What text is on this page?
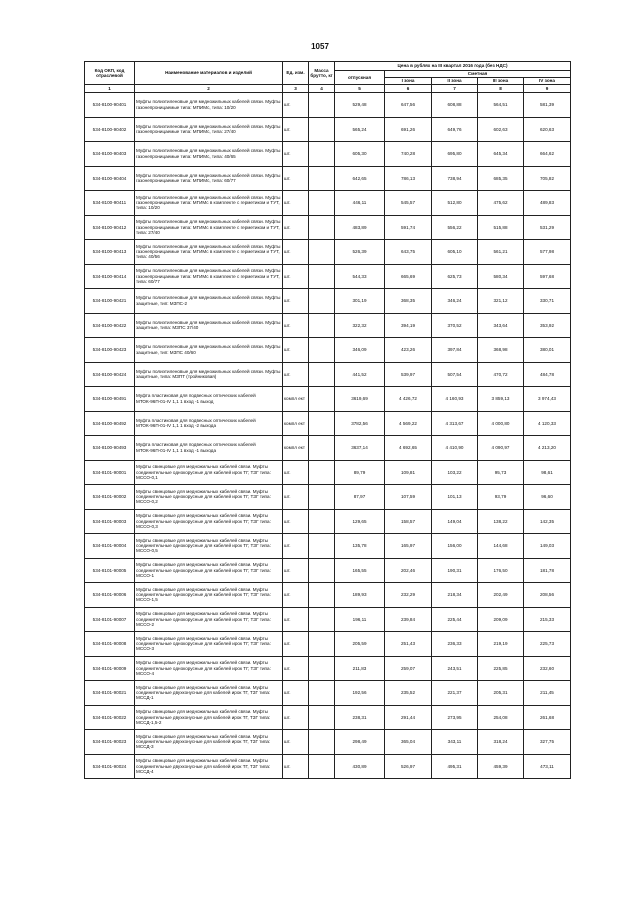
1057
Код ОКП, код отраслевой	Наименование материалов и изделий	Ед. изм.	Масса брутто, кг	Цена в рублях на III квартал 2016 года (без НДС)				
				отпускная	Сметная			
					I зона	II зона	III зона	IV зона
1	2	3	4	5	6	7	8	9
534-8100-90401	Муфты полиэтиленовые для медножильных кабелей связи. Муфты газонепроницаемые типа: МПИМс, типа: 10/20	шт.		529,48	647,56	608,88	564,51	581,39
534-8100-90402	Муфты полиэтиленовые для медножильных кабелей связи. Муфты газонепроницаемые типа: МПИМс, типа: 27/40	шт.		565,24	691,26	649,76	602,63	620,63
534-8100-90403	Муфты полиэтиленовые для медножильных кабелей связи. Муфты газонепроницаемые типа: МПИМс, типа: 40/65	шт.		605,30	740,28	695,80	645,34	664,62
534-8100-90404	Муфты полиэтиленовые для медножильных кабелей связи. Муфты газонепроницаемые типа: МПИМс, типа: 60/77	шт.		642,65	786,13	738,94	685,35	705,82
534-8100-90411	Муфты полиэтиленовые для медножильных кабелей связи. Муфты газонепроницаемые типа: МГИМс в комплекте с герметиком и ТУТ, типа: 10/20	шт.		446,11	545,57	512,80	475,62	489,83
534-8100-90412	Муфты полиэтиленовые для медножильных кабелей связи. Муфты газонепроницаемые типа: МГИМс в комплекте с герметиком и ТУТ, типа: 27/40	шт.		483,89	591,74	556,22	515,88	531,29
534-8100-90413	Муфты полиэтиленовые для медножильных кабелей связи. Муфты газонепроницаемые типа: МГИМс в комплекте с герметиком и ТУТ, типа: 40/56	шт.		526,39	643,75	605,10	561,21	577,98
534-8100-90414	Муфты полиэтиленовые для медножильных кабелей связи. Муфты газонепроницаемые типа: МГИМс в комплекте с герметиком и ТУТ, типа: 60/77	шт.		544,33	665,69	625,73	580,34	597,68
534-8100-90421	Муфты полиэтиленовые для медножильных кабелей связи. Муфты защитные, тип: МЗПС-2	шт.		301,19	368,35	346,24	321,12	330,71
534-8100-90422	Муфты полиэтиленовые для медножильных кабелей связи. Муфты защитные, типа: МЗПС 37/40	шт.		322,32	394,19	370,52	343,64	353,92
534-8100-90423	Муфты полиэтиленовые для медножильных кабелей связи. Муфты защитные, тип: МЗПС 40/60	шт.		346,09	423,26	397,84	368,98	380,01
534-8100-90424	Муфты полиэтиленовые для медножильных кабелей связи. Муфты защитные, типа: МЗПТ (тройниковая)	шт.		441,52	539,97	507,54	470,72	484,78
534-8100-90491	Муфта пластиковая для подвесных оптических кабелей МТОК-96П-01-IV 1,1 1 вход -1 выход	компл ект		3619,69	4 426,72	4 160,93	3 859,13	3 974,43
534-8100-90492	Муфта пластиковая для подвесных оптических кабелей МТОК-96П-01-IV 1,1 1 вход -2 выхода	компл ект		3782,56	4 569,22	4 313,67	4 000,80	4 120,33
534-8100-90493	Муфта пластиковая для подвесных оптических кабелей МТОК-96П-01-IV 1,1 1 вход -1 выхода	компл ект		3637,14	4 692,65	4 410,90	4 090,97	4 213,20
534-8101-90001	Муфты свинцовые для медножильных кабелей связи. Муфты соединительные однокорусные для кабелей ирок ТГ, ТЗГ типа: МССО-0,1	шт.		89,79	109,81	103,22	95,73	98,61
534-8101-90002	Муфты свинцовые для медножильных кабелей связи. Муфты соединительные однокорусные для кабелей ирок ТГ, ТЗГ типа: МССО-0,2	шт.		87,97	107,59	101,13	93,79	96,60
534-8101-90003	Муфты свинцовые для медножильных кабелей связи. Муфты соединительные однокорусные для кабелей ирок ТГ, ТЗГ типа: МССО-0,3	шт.		129,65	158,57	149,04	138,22	142,35
534-8101-90004	Муфты свинцовые для медножильных кабелей связи. Муфты соединительные однокорусные для кабелей ирок ТГ, ТЗГ типа: МССО-0,5	шт.		135,78	165,97	156,00	144,68	149,03
534-8101-90005	Муфты свинцовые для медножильных кабелей связи. Муфты соединительные однокорусные для кабелей ирок ТГ, ТЗГ типа: МССО-1	шт.		165,55	202,46	190,31	176,50	181,78
534-8101-90006	Муфты свинцовые для медножильных кабелей связи. Муфты соединительные однокорусные для кабелей ирок ТГ, ТЗГ типа: МССО-1,5	шт.		189,93	232,29	218,34	202,49	208,56
534-8101-90007	Муфты свинцовые для медножильных кабелей связи. Муфты соединительные однокорусные для кабелей ирок ТГ, ТЗГ типа: МССО-2	шт.		196,11	239,84	225,44	209,09	215,33
534-8101-90008	Муфты свинцовые для медножильных кабелей связи. Муфты соединительные однокорусные для кабелей ирок ТГ, ТЗГ типа: МССО-3	шт.		205,59	251,43	236,33	219,19	225,73
534-8101-90009	Муфты свинцовые для медножильных кабелей связи. Муфты соединительные однокорусные для кабелей ирок ТГ, ТЗГ типа: МССО-4	шт.		211,83	259,07	243,51	225,85	232,60
534-8101-90021	Муфты свинцовые для медножильных кабелей связи. Муфты соединительные двухконусные для кабелей ирок ТГ, ТЗГ типа: МССД-1	шт.		192,56	235,52	221,37	205,31	211,45
534-8101-90022	Муфты свинцовые для медножильных кабелей связи. Муфты соединительные двухконусные для кабелей ирок ТГ, ТЗГ типа: МССД-1,5-2	шт.		238,31	291,44	273,95	254,08	261,68
534-8101-90023	Муфты свинцовые для медножильных кабелей связи. Муфты соединительные двухконусные для кабелей ирок ТГ, ТЗГ типа: МССД-3	шт.		298,49	365,04	343,11	318,24	327,75
534-8101-90024	Муфты свинцовые для медножильных кабелей связи. Муфты соединительные двухконусные для кабелей ирок ТГ, ТЗГ типа: МССД-4	шт.		430,89	526,97	495,31	459,39	473,11
